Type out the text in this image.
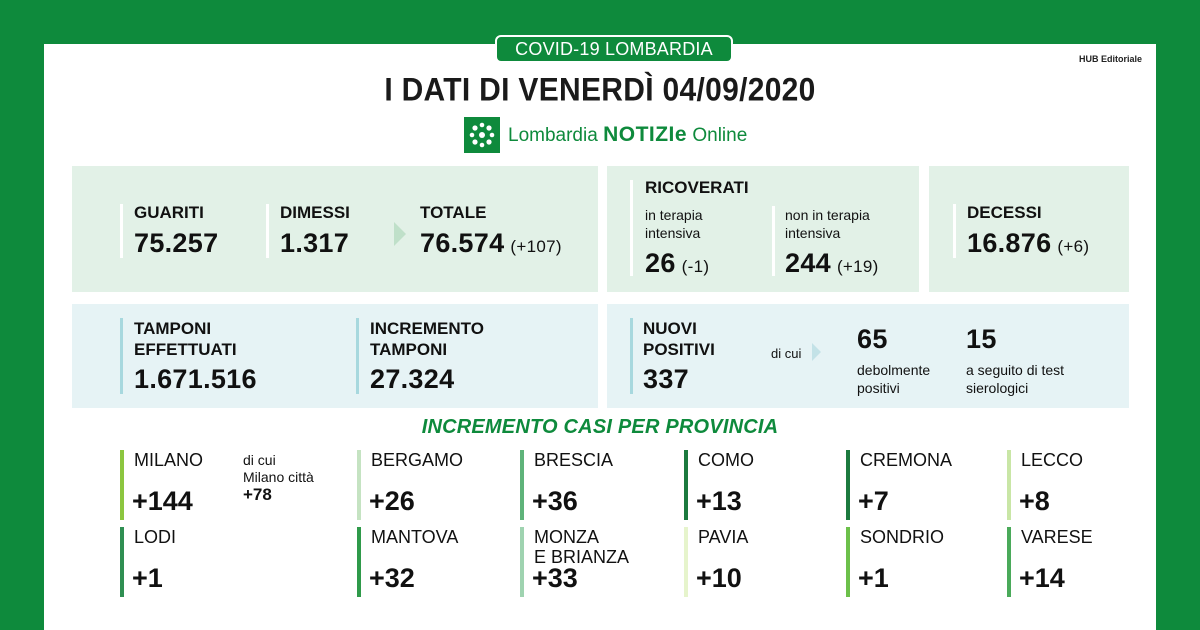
COVID-19 LOMBARDIA	HUB Editoriale
I DATI DI VENERDÌ 04/09/2020
Lombardia NOTIZIe Online
GUARITI
75.257
DIMESSI
1.317
TOTALE
76.574 (+107)
RICOVERATI
in terapia
intensiva
26 (-1)
non in terapia
intensiva
244 (+19)
DECESSI
16.876 (+6)
TAMPONI
EFFETTUATI
1.671.516
INCREMENTO
TAMPONI
27.324
NUOVI
POSITIVI
337
di cui 65
debolmente
positivi
15
a seguito di test
sierologici
INCREMENTO CASI PER PROVINCIA
MILANO
+144
BERGAMO
+26
BRESCIA
+36
COMO
+13
CREMONA
+7
LECCO
+8
LODI
+1
MANTOVA
+32
MONZA
E BRIANZA
+33
PAVIA
+10
SONDRIO
+1
VARESE
+14
di cui
Milano città
+78
